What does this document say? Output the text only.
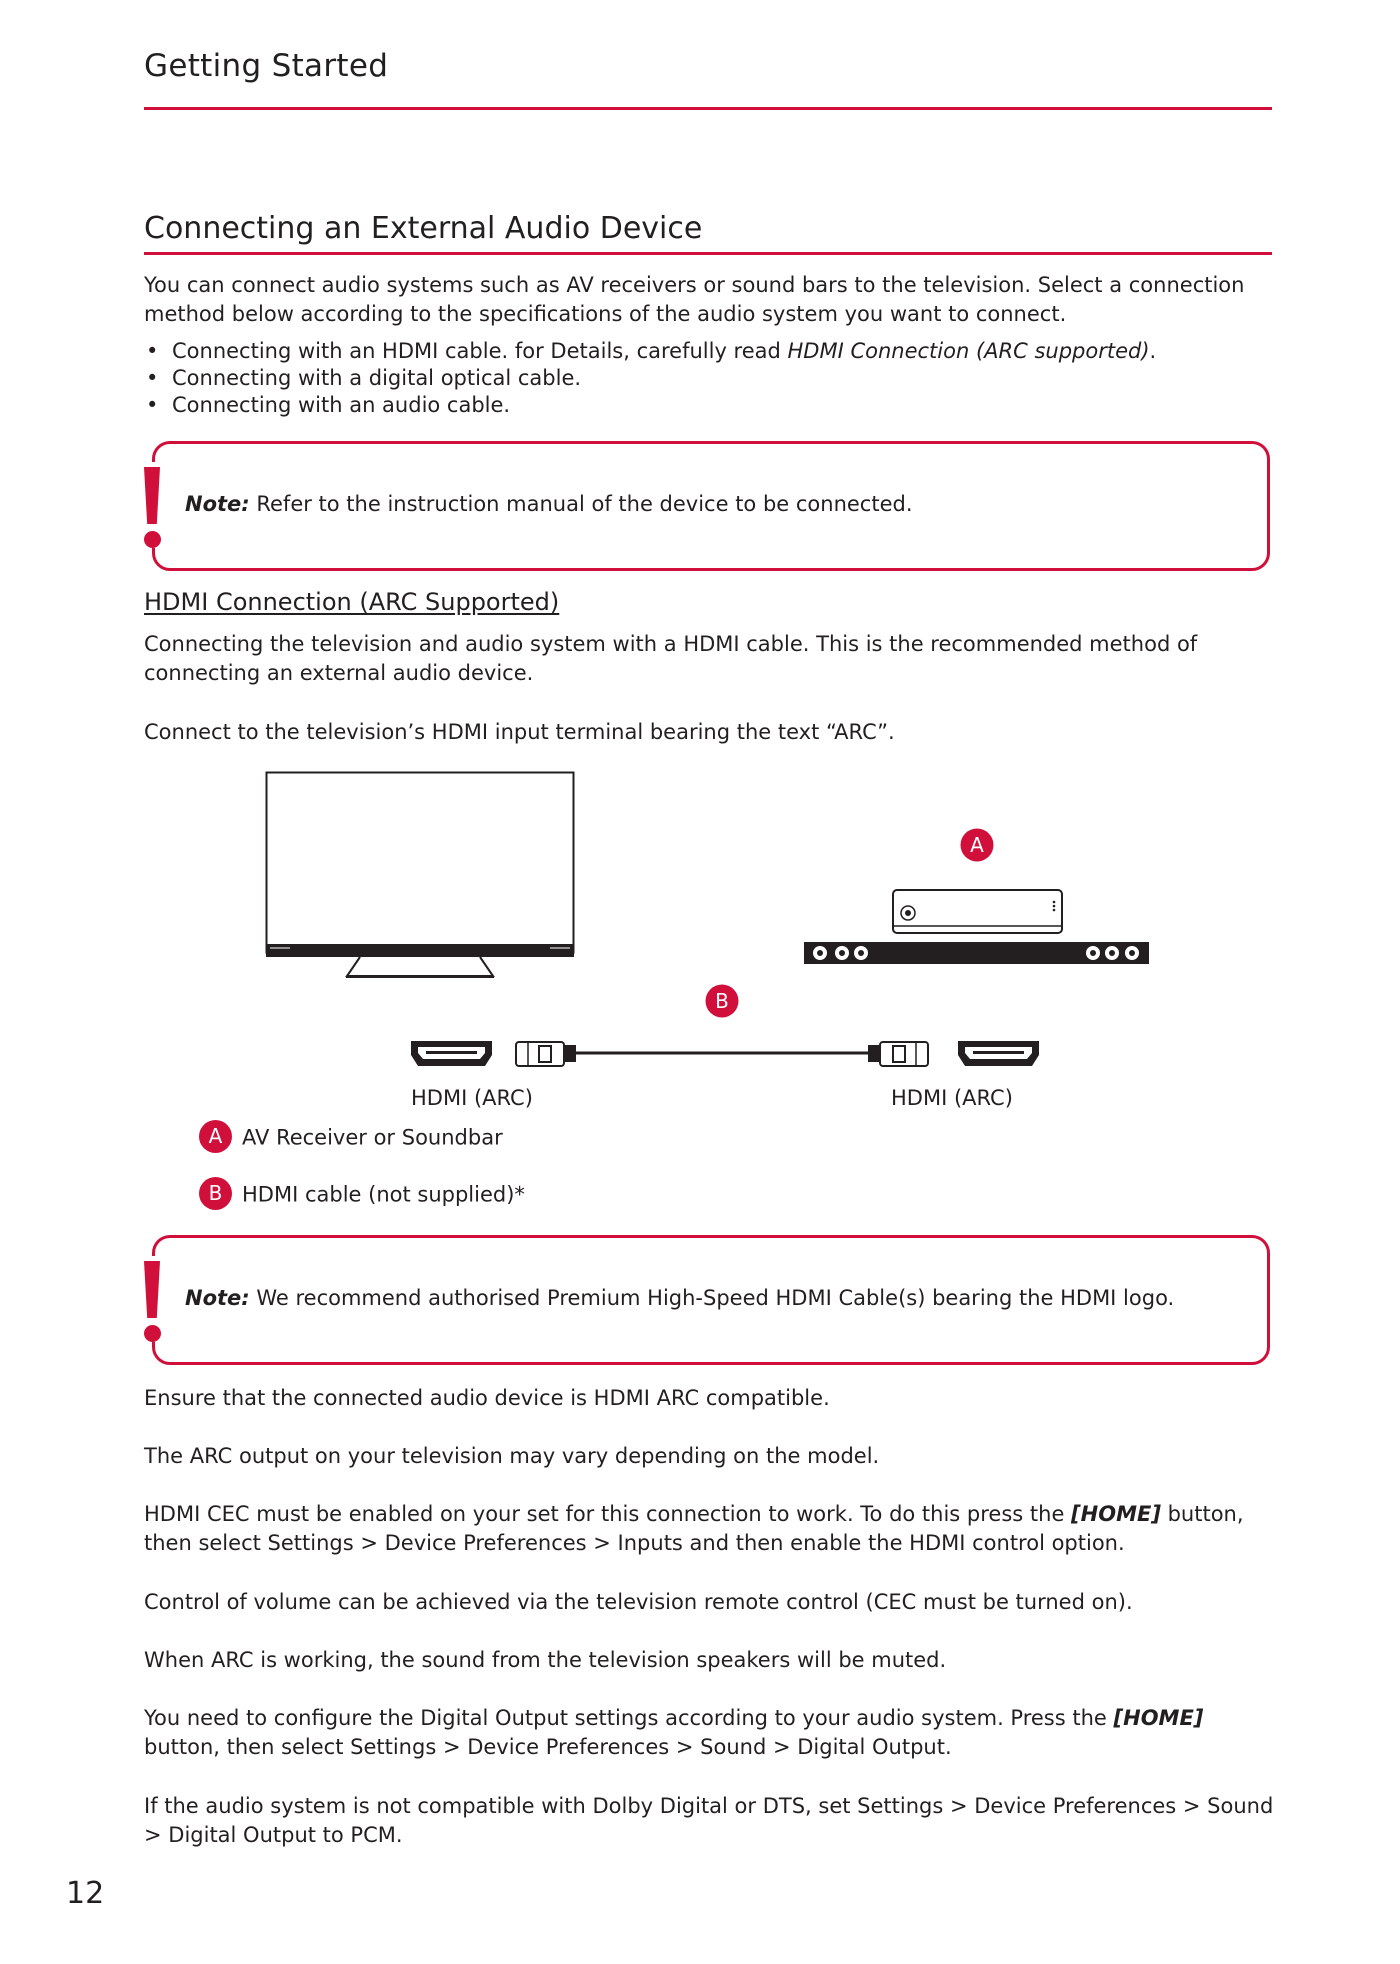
Getting Started
Connecting an External Audio Device

You can connect audio systems such as AV receivers or sound bars to the television. Select a connection method below according to the specifications of the audio system you want to connect.

• Connecting with an HDMI cable. for Details, carefully read HDMI Connection (ARC supported).
• Connecting with a digital optical cable.
• Connecting with an audio cable.
Note: Refer to the instruction manual of the device to be connected.
HDMI Connection (ARC Supported)

Connecting the television and audio system with a HDMI cable. This is the recommended method of connecting an external audio device.

Connect to the television’s HDMI input terminal bearing the text “ARC”.

A
B
HDMI (ARC)	HDMI (ARC)
A AV Receiver or Soundbar
B HDMI cable (not supplied)*
Note: We recommend authorised Premium High-Speed HDMI Cable(s) bearing the HDMI logo.

Ensure that the connected audio device is HDMI ARC compatible.

The ARC output on your television may vary depending on the model.

HDMI CEC must be enabled on your set for this connection to work. To do this press the [HOME] button, then select Settings > Device Preferences > Inputs and then enable the HDMI control option.

Control of volume can be achieved via the television remote control (CEC must be turned on).

When ARC is working, the sound from the television speakers will be muted.

You need to configure the Digital Output settings according to your audio system. Press the [HOME] button, then select Settings > Device Preferences > Sound > Digital Output.

If the audio system is not compatible with Dolby Digital or DTS, set Settings > Device Preferences > Sound > Digital Output to PCM.

12
